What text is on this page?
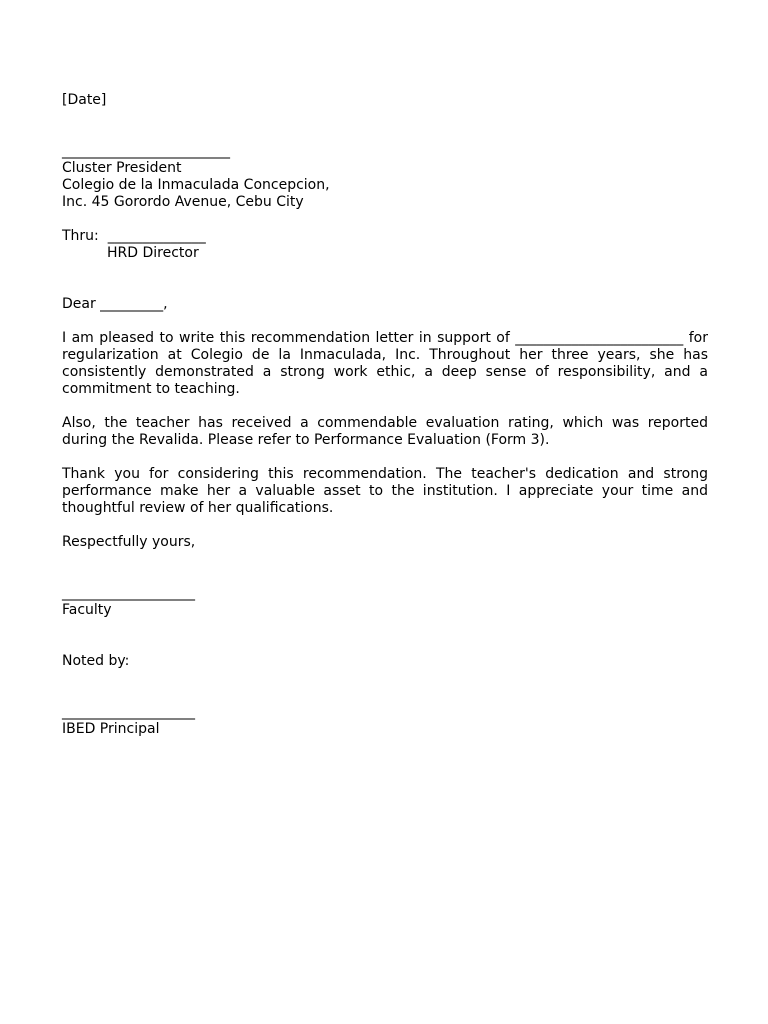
[Date]
________________________
Cluster President
Colegio de la Inmaculada Concepcion,
Inc. 45 Gorordo Avenue, Cebu City
Thru: ______________
HRD Director
Dear _________,
I am pleased to write this recommendation letter in support of ________________________ for regularization at Colegio de la Inmaculada, Inc. Throughout her three years, she has consistently demonstrated a strong work ethic, a deep sense of responsibility, and a commitment to teaching.
Also, the teacher has received a commendable evaluation rating, which was reported during the Revalida. Please refer to Performance Evaluation (Form 3).
Thank you for considering this recommendation. The teacher's dedication and strong performance make her a valuable asset to the institution. I appreciate your time and thoughtful review of her qualifications.
Respectfully yours,
___________________
Faculty
Noted by:
___________________
IBED Principal
